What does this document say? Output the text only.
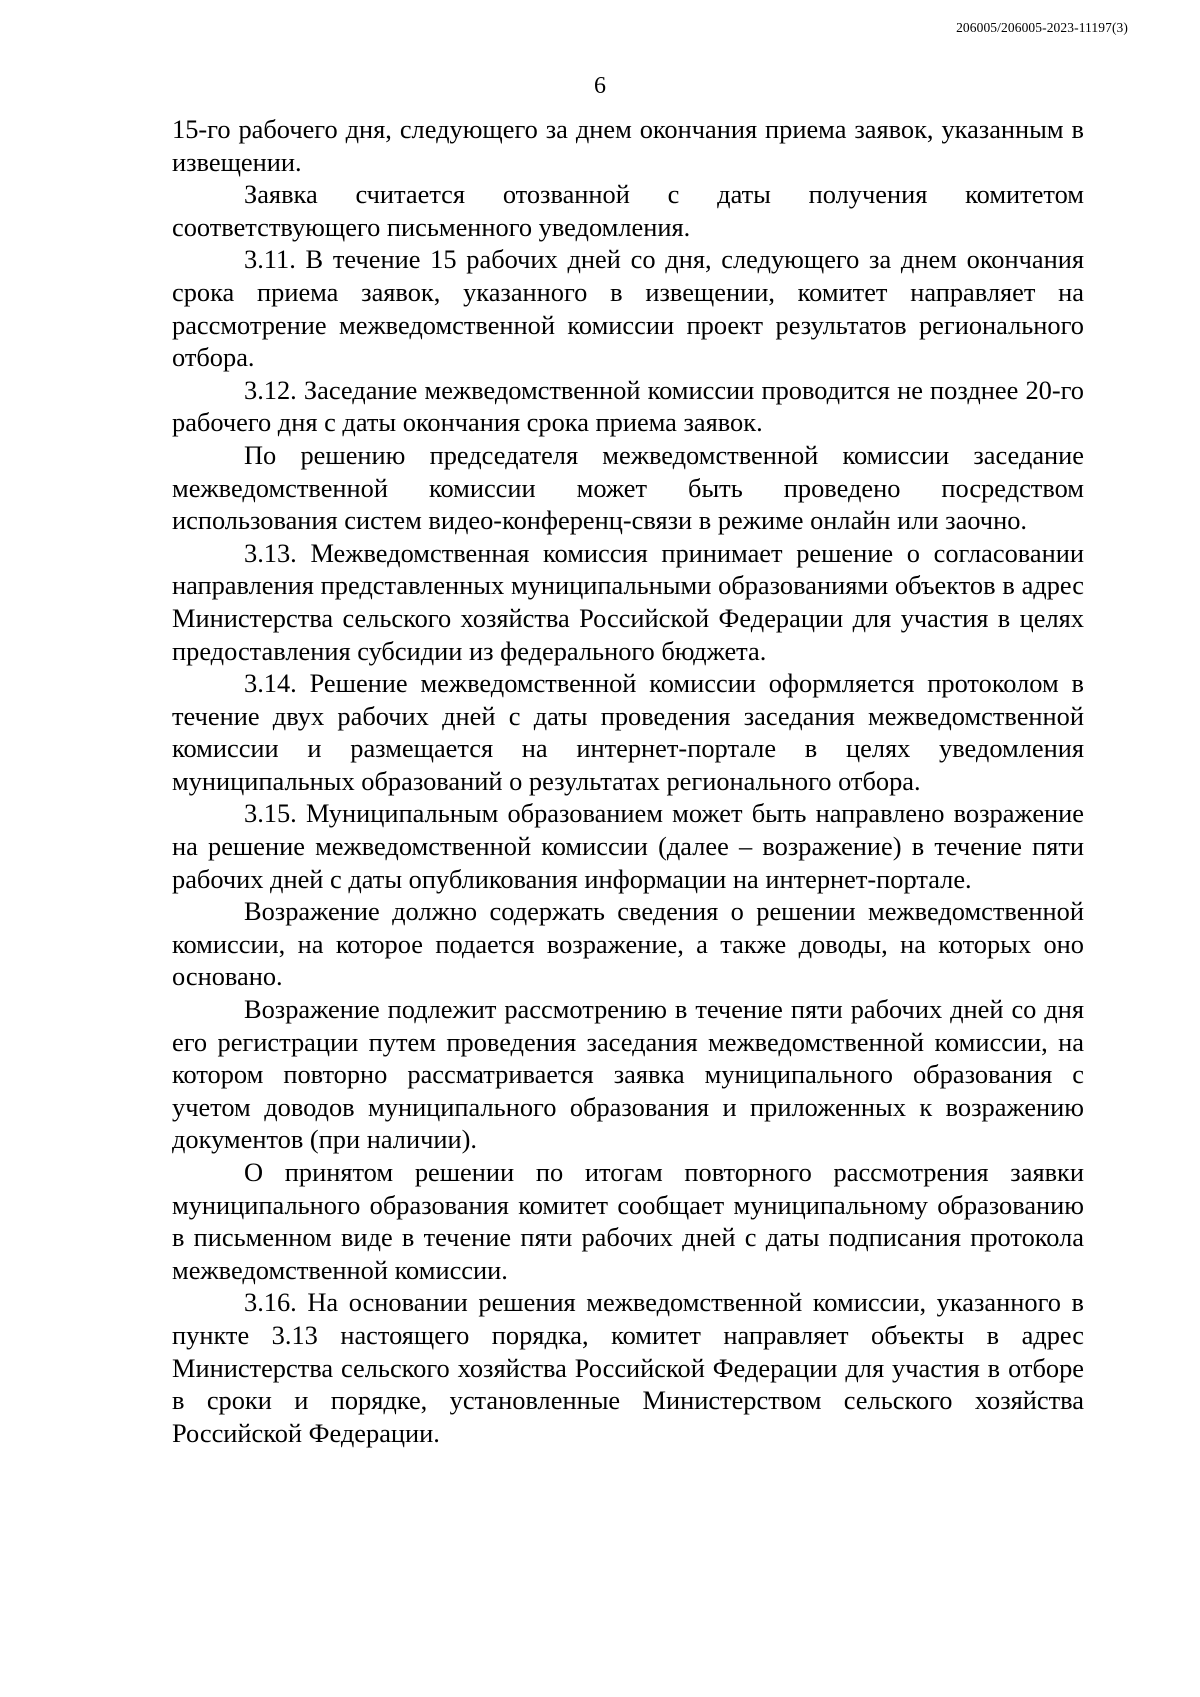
206005/206005-2023-11197(3)
6

15-го рабочего дня, следующего за днем окончания приема заявок, указанным в извещении.

Заявка считается отозванной с даты получения комитетом соответствующего письменного уведомления.

3.11. В течение 15 рабочих дней со дня, следующего за днем окончания срока приема заявок, указанного в извещении, комитет направляет на рассмотрение межведомственной комиссии проект результатов регионального отбора.

3.12. Заседание межведомственной комиссии проводится не позднее 20-го рабочего дня с даты окончания срока приема заявок.

По решению председателя межведомственной комиссии заседание межведомственной комиссии может быть проведено посредством использования систем видео-конференц-связи в режиме онлайн или заочно.

3.13. Межведомственная комиссия принимает решение о согласовании направления представленных муниципальными образованиями объектов в адрес Министерства сельского хозяйства Российской Федерации для участия в целях предоставления субсидии из федерального бюджета.

3.14. Решение межведомственной комиссии оформляется протоколом в течение двух рабочих дней с даты проведения заседания межведомственной комиссии и размещается на интернет-портале в целях уведомления муниципальных образований о результатах регионального отбора.

3.15. Муниципальным образованием может быть направлено возражение на решение межведомственной комиссии (далее – возражение) в течение пяти рабочих дней с даты опубликования информации на интернет-портале.

Возражение должно содержать сведения о решении межведомственной комиссии, на которое подается возражение, а также доводы, на которых оно основано.

Возражение подлежит рассмотрению в течение пяти рабочих дней со дня его регистрации путем проведения заседания межведомственной комиссии, на котором повторно рассматривается заявка муниципального образования с учетом доводов муниципального образования и приложенных к возражению документов (при наличии).

О принятом решении по итогам повторного рассмотрения заявки муниципального образования комитет сообщает муниципальному образованию в письменном виде в течение пяти рабочих дней с даты подписания протокола межведомственной комиссии.

3.16. На основании решения межведомственной комиссии, указанного в пункте 3.13 настоящего порядка, комитет направляет объекты в адрес Министерства сельского хозяйства Российской Федерации для участия в отборе в сроки и порядке, установленные Министерством сельского хозяйства Российской Федерации.
